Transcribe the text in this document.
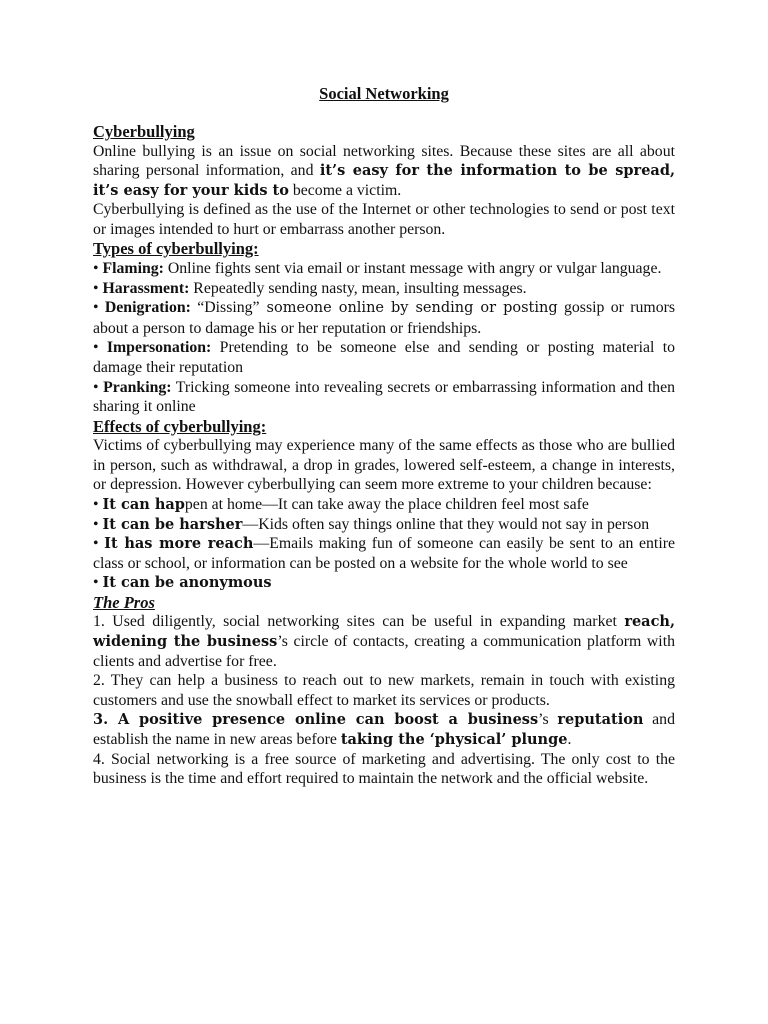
Social Networking
Cyberbullying

Online bullying is an issue on social networking sites. Because these sites are all about sharing personal information, and it’s easy for the information to be spread, it’s easy for your kids to become a victim.

Cyberbullying is defined as the use of the Internet or other technologies to send or post text or images intended to hurt or embarrass another person.

Types of cyberbullying:

• Flaming: Online fights sent via email or instant message with angry or vulgar language.

• Harassment: Repeatedly sending nasty, mean, insulting messages.

• Denigration: “Dissing” someone online by sending or posting gossip or rumors about a person to damage his or her reputation or friendships.

• Impersonation: Pretending to be someone else and sending or posting material to damage their reputation

• Pranking: Tricking someone into revealing secrets or embarrassing information and then sharing it online

Effects of cyberbullying:

Victims of cyberbullying may experience many of the same effects as those who are bullied in person, such as withdrawal, a drop in grades, lowered self-esteem, a change in interests, or depression. However cyberbullying can seem more extreme to your children because:

• It can happen at home—It can take away the place children feel most safe

• It can be harsher—Kids often say things online that they would not say in person

• It has more reach—Emails making fun of someone can easily be sent to an entire class or school, or information can be posted on a website for the whole world to see

• It can be anonymous

The Pros

1. Used diligently, social networking sites can be useful in expanding market reach, widening the business’s circle of contacts, creating a communication platform with clients and advertise for free.

2. They can help a business to reach out to new markets, remain in touch with existing customers and use the snowball effect to market its services or products.

3. A positive presence online can boost a business’s reputation and establish the name in new areas before taking the ‘physical’ plunge.

4. Social networking is a free source of marketing and advertising. The only cost to the business is the time and effort required to maintain the network and the official website.
